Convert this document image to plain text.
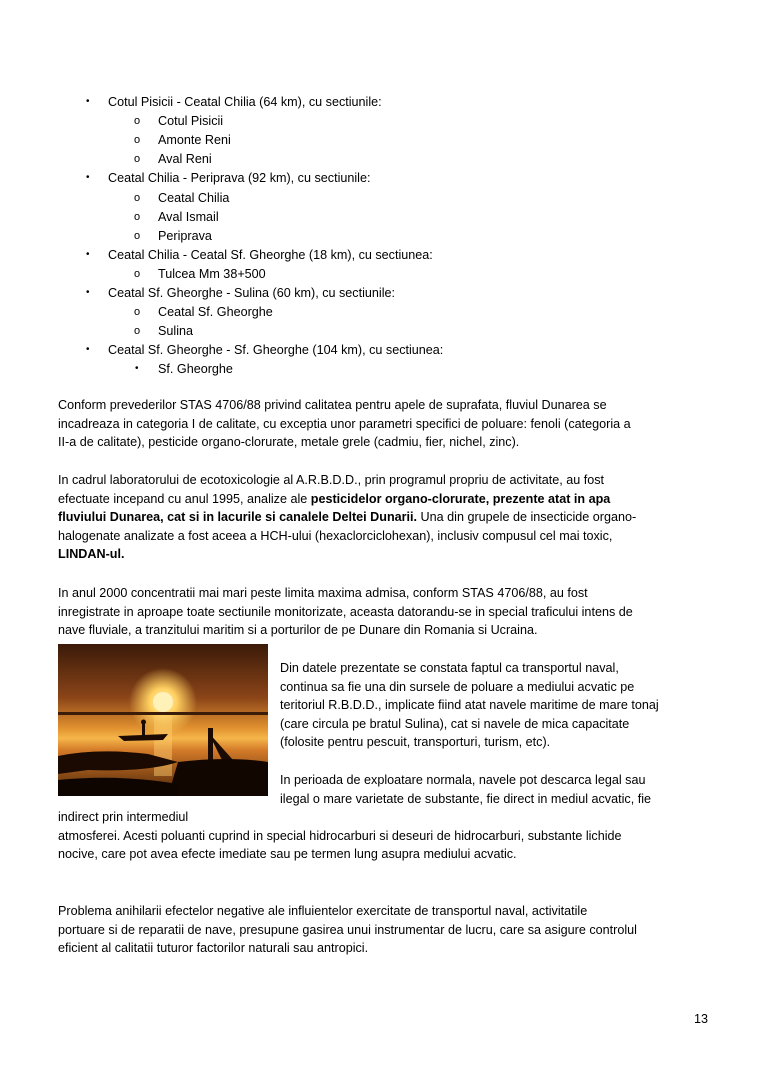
• Cotul Pisicii - Ceatal Chilia (64 km), cu sectiunile:
o Cotul Pisicii
o Amonte Reni
o Aval Reni
• Ceatal Chilia - Periprava (92 km), cu sectiunile:
o Ceatal Chilia
o Aval Ismail
o Periprava
• Ceatal Chilia - Ceatal Sf. Gheorghe (18 km), cu sectiunea:
o Tulcea Mm 38+500
• Ceatal Sf. Gheorghe - Sulina (60 km), cu sectiunile:
o Ceatal Sf. Gheorghe
o Sulina
• Ceatal Sf. Gheorghe - Sf. Gheorghe (104 km), cu sectiunea:
• Sf. Gheorghe
Conform prevederilor STAS 4706/88 privind calitatea pentru apele de suprafata, fluviul Dunarea se
incadreaza in categoria I de calitate, cu exceptia unor parametri specifici de poluare: fenoli (categoria a
II-a de calitate), pesticide organo-clorurate, metale grele (cadmiu, fier, nichel, zinc).
In cadrul laboratorului de ecotoxicologie al A.R.B.D.D., prin programul propriu de activitate, au fost
efectuate incepand cu anul 1995, analize ale pesticidelor organo-clorurate, prezente atat in apa
fluviului Dunarea, cat si in lacurile si canalele Deltei Dunarii. Una din grupele de insecticide organo-
halogenate analizate a fost aceea a HCH-ului (hexaclorciclohexan), inclusiv compusul cel mai toxic,
LINDAN-ul.
In anul 2000 concentratii mai mari peste limita maxima admisa, conform STAS 4706/88, au fost
inregistrate in aproape toate sectiunile monitorizate, aceasta datorandu-se in special traficului intens de
nave fluviale, a tranzitului maritim si a porturilor de pe Dunare din Romania si Ucraina.
Din datele prezentate se constata faptul ca transportul naval,
continua sa fie una din sursele de poluare a mediului acvatic pe
teritoriul R.B.D.D., implicate fiind atat navele maritime de mare tonaj
(care circula pe bratul Sulina), cat si navele de mica capacitate
(folosite pentru pescuit, transporturi, turism, etc).
In perioada de exploatare normala, navele pot descarca legal sau
ilegal o mare varietate de substante, fie direct in mediul acvatic, fie
indirect prin intermediul
atmosferei. Acesti poluanti cuprind in special hidrocarburi si deseuri de hidrocarburi, substante lichide
nocive, care pot avea efecte imediate sau pe termen lung asupra mediului acvatic.
Problema anihilarii efectelor negative ale influientelor exercitate de transportul naval, activitatile
portuare si de reparatii de nave, presupune gasirea unui instrumentar de lucru, care sa asigure controlul
eficient al calitatii tuturor factorilor naturali sau antropici.
13
